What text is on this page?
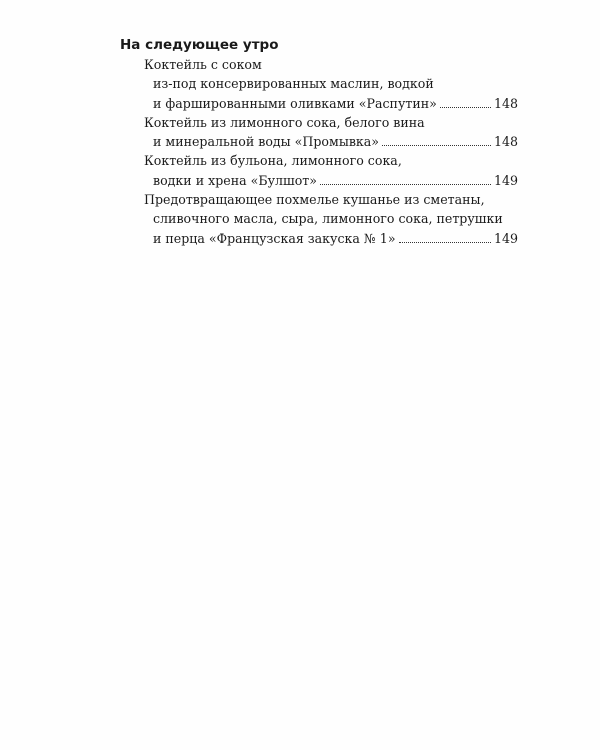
На следующее утро
Коктейль с соком
из-под консервированных маслин, водкой
и фаршированными оливками «Распутин»	148
Коктейль из лимонного сока, белого вина
и минеральной воды «Промывка»	148
Коктейль из бульона, лимонного сока,
водки и хрена «Булшот»	149
Предотвращающее похмелье кушанье из сметаны,
сливочного масла, сыра, лимонного сока, петрушки
и перца «Французская закуска № 1»	149
